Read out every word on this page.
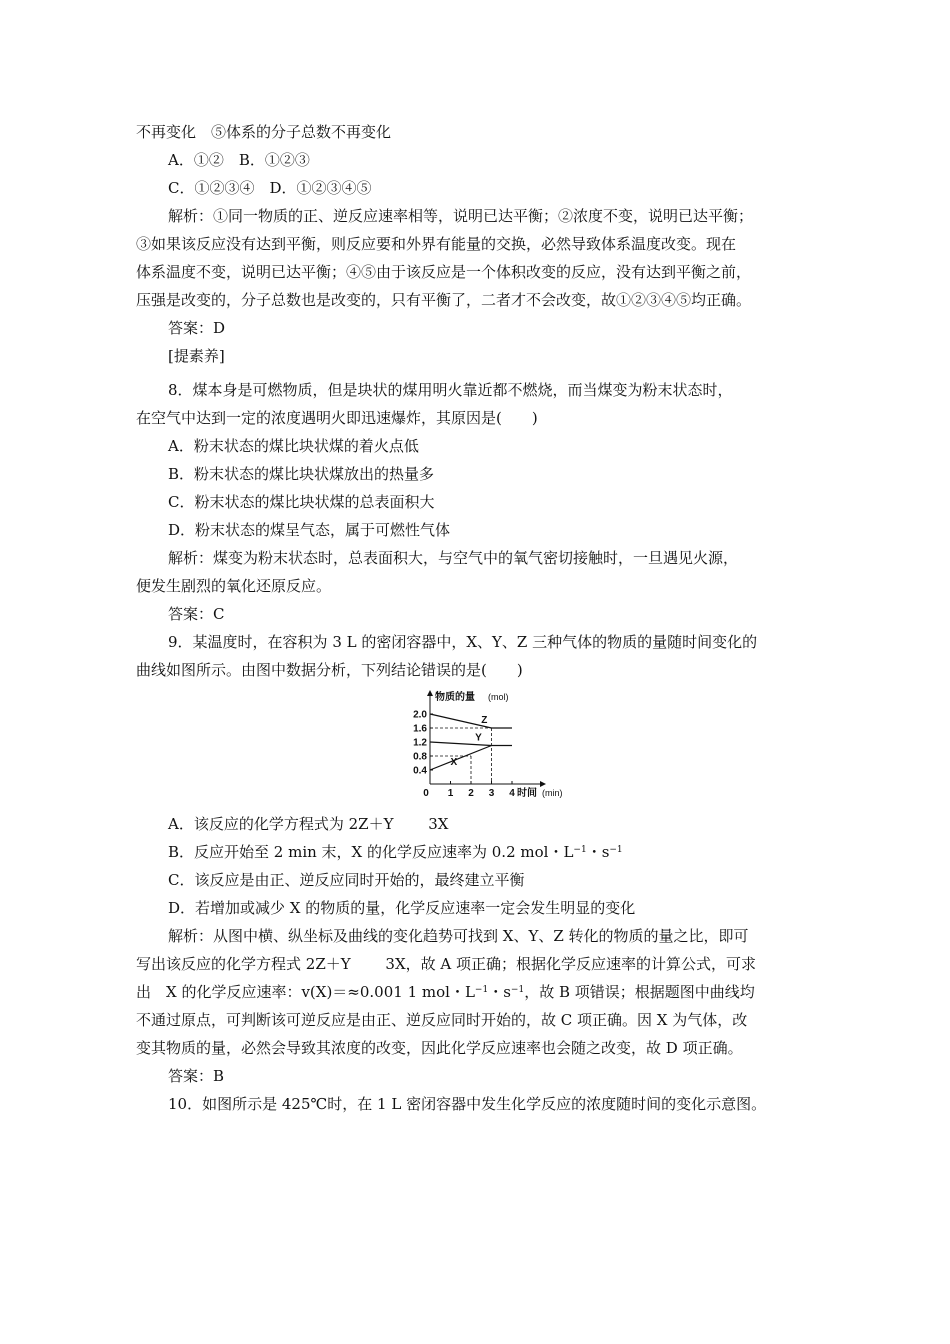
不再变化　⑤体系的分子总数不再变化
A．①②　B．①②③
C．①②③④　D．①②③④⑤
解析：①同一物质的正、逆反应速率相等，说明已达平衡；②浓度不变，说明已达平衡；
③如果该反应没有达到平衡，则反应要和外界有能量的交换，必然导致体系温度改变。现在
体系温度不变，说明已达平衡；④⑤由于该反应是一个体积改变的反应，没有达到平衡之前，
压强是改变的，分子总数也是改变的，只有平衡了，二者才不会改变，故①②③④⑤均正确。
答案：D
[提素养]
8．煤本身是可燃物质，但是块状的煤用明火靠近都不燃烧，而当煤变为粉末状态时，
在空气中达到一定的浓度遇明火即迅速爆炸，其原因是(　　)
A．粉末状态的煤比块状煤的着火点低
B．粉末状态的煤比块状煤放出的热量多
C．粉末状态的煤比块状煤的总表面积大
D．粉末状态的煤呈气态，属于可燃性气体
解析：煤变为粉末状态时，总表面积大，与空气中的氧气密切接触时，一旦遇见火源，
便发生剧烈的氧化还原反应。
答案：C
9．某温度时，在容积为 3 L 的密闭容器中，X、Y、Z 三种气体的物质的量随时间变化的
曲线如图所示。由图中数据分析，下列结论错误的是(　　)
物质的量 (mol)
2.0
1.6
1.2
0.8
0.4
0 1 2 3 4 时间 (min)
Z
Y
X
A．该反应的化学方程式为 2Z＋Y　　 3X
B．反应开始至 2 min 末，X 的化学反应速率为 0.2 mol・$L^{-1}$・$s^{-1}$
C．该反应是由正、逆反应同时开始的，最终建立平衡
D．若增加或减少 X 的物质的量，化学反应速率一定会发生明显的变化
解析：从图中横、纵坐标及曲线的变化趋势可找到 X、Y、Z 转化的物质的量之比，即可
写出该反应的化学方程式 2Z＋Y　　 3X，故 A 项正确；根据化学反应速率的计算公式，可求
出　X 的化学反应速率：v(X)＝≈0.001 1 mol・$L^{-1}$・$s^{-1}$，故 B 项错误；根据题图中曲线均
不通过原点，可判断该可逆反应是由正、逆反应同时开始的，故 C 项正确。因 X 为气体，改
变其物质的量，必然会导致其浓度的改变，因此化学反应速率也会随之改变，故 D 项正确。
答案：B
10．如图所示是 425℃时，在 1 L 密闭容器中发生化学反应的浓度随时间的变化示意图。
